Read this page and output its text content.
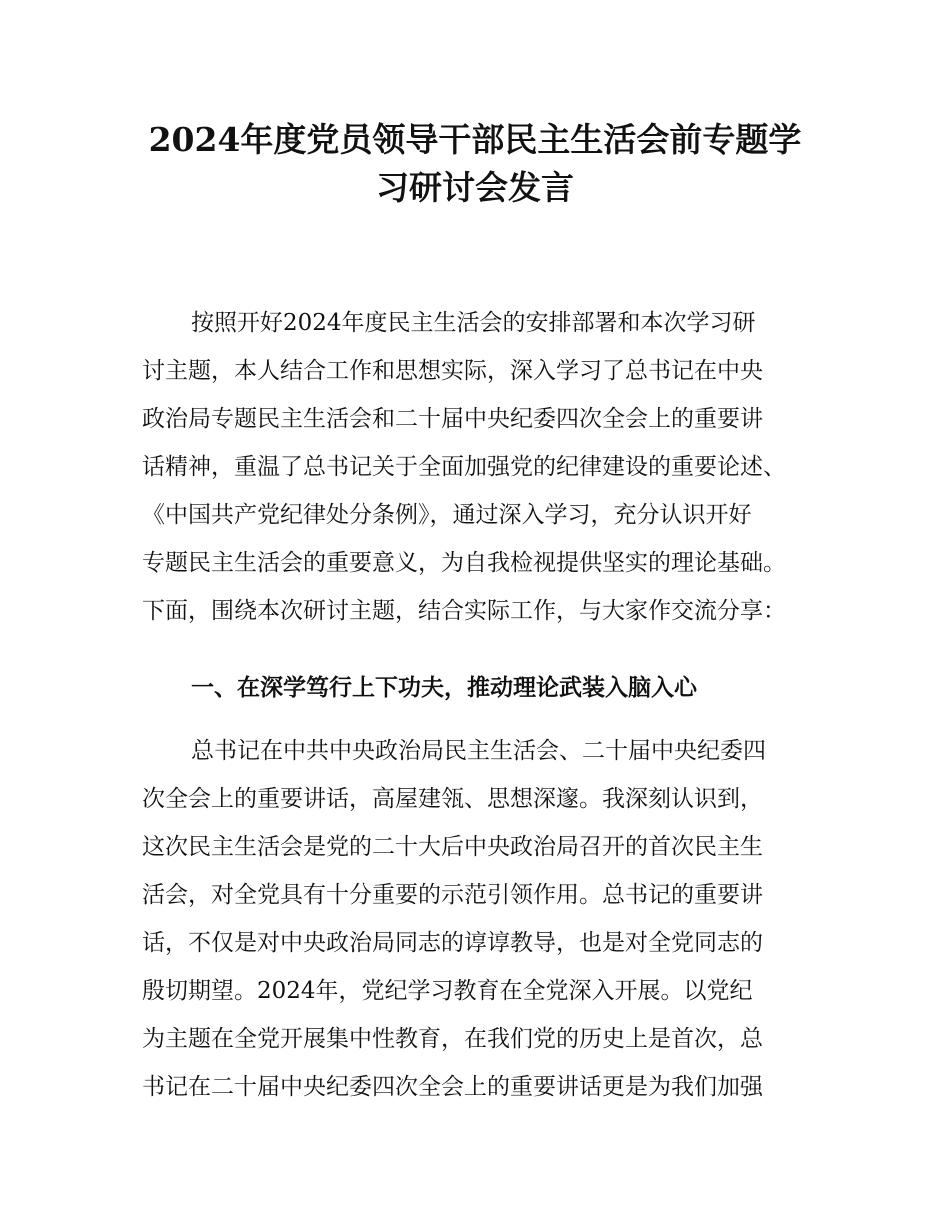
2024年度党员领导干部民主生活会前专题学
习研讨会发言

按照开好2024年度民主生活会的安排部署和本次学习研

讨主题，本人结合工作和思想实际，深入学习了总书记在中央

政治局专题民主生活会和二十届中央纪委四次全会上的重要讲

话精神，重温了总书记关于全面加强党的纪律建设的重要论述、

《中国共产党纪律处分条例》，通过深入学习，充分认识开好

专题民主生活会的重要意义，为自我检视提供坚实的理论基础。

下面，围绕本次研讨主题，结合实际工作，与大家作交流分享：

一、在深学笃行上下功夫，推动理论武装入脑入心

总书记在中共中央政治局民主生活会、二十届中央纪委四

次全会上的重要讲话，高屋建瓴、思想深邃。我深刻认识到，

这次民主生活会是党的二十大后中央政治局召开的首次民主生

活会，对全党具有十分重要的示范引领作用。总书记的重要讲

话，不仅是对中央政治局同志的谆谆教导，也是对全党同志的

殷切期望。2024年，党纪学习教育在全党深入开展。以党纪

为主题在全党开展集中性教育，在我们党的历史上是首次，总

书记在二十届中央纪委四次全会上的重要讲话更是为我们加强
